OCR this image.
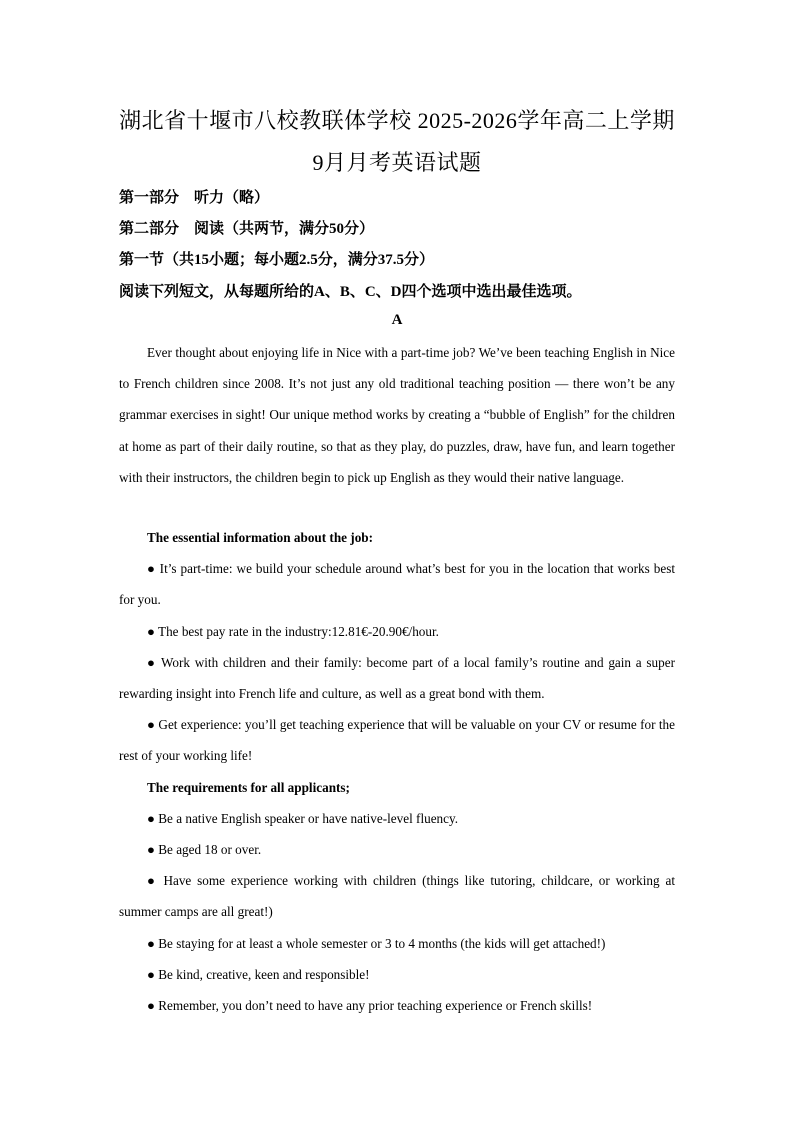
湖北省十堰市八校教联体学校 2025-2026学年高二上学期
9月月考英语试题
第一部分　听力（略）
第二部分　阅读（共两节，满分50分）
第一节（共15小题；每小题2.5分，满分37.5分）
阅读下列短文，从每题所给的A、B、C、D四个选项中选出最佳选项。
A
Ever thought about enjoying life in Nice with a part-time job? We’ve been teaching English in Nice to French children since 2008. It’s not just any old traditional teaching position — there won’t be any grammar exercises in sight! Our unique method works by creating a “bubble of English” for the children at home as part of their daily routine, so that as they play, do puzzles, draw, have fun, and learn together with their instructors, the children begin to pick up English as they would their native language.
The essential information about the job:
● It’s part-time: we build your schedule around what’s best for you in the location that works best for you.
● The best pay rate in the industry:12.81€-20.90€/hour.
● Work with children and their family: become part of a local family’s routine and gain a super rewarding insight into French life and culture, as well as a great bond with them.
● Get experience: you’ll get teaching experience that will be valuable on your CV or resume for the rest of your working life!
The requirements for all applicants;
● Be a native English speaker or have native-level fluency.
● Be aged 18 or over.
● Have some experience working with children (things like tutoring, childcare, or working at summer camps are all great!)
● Be staying for at least a whole semester or 3 to 4 months (the kids will get attached!)
● Be kind, creative, keen and responsible!
● Remember, you don’t need to have any prior teaching experience or French skills!
